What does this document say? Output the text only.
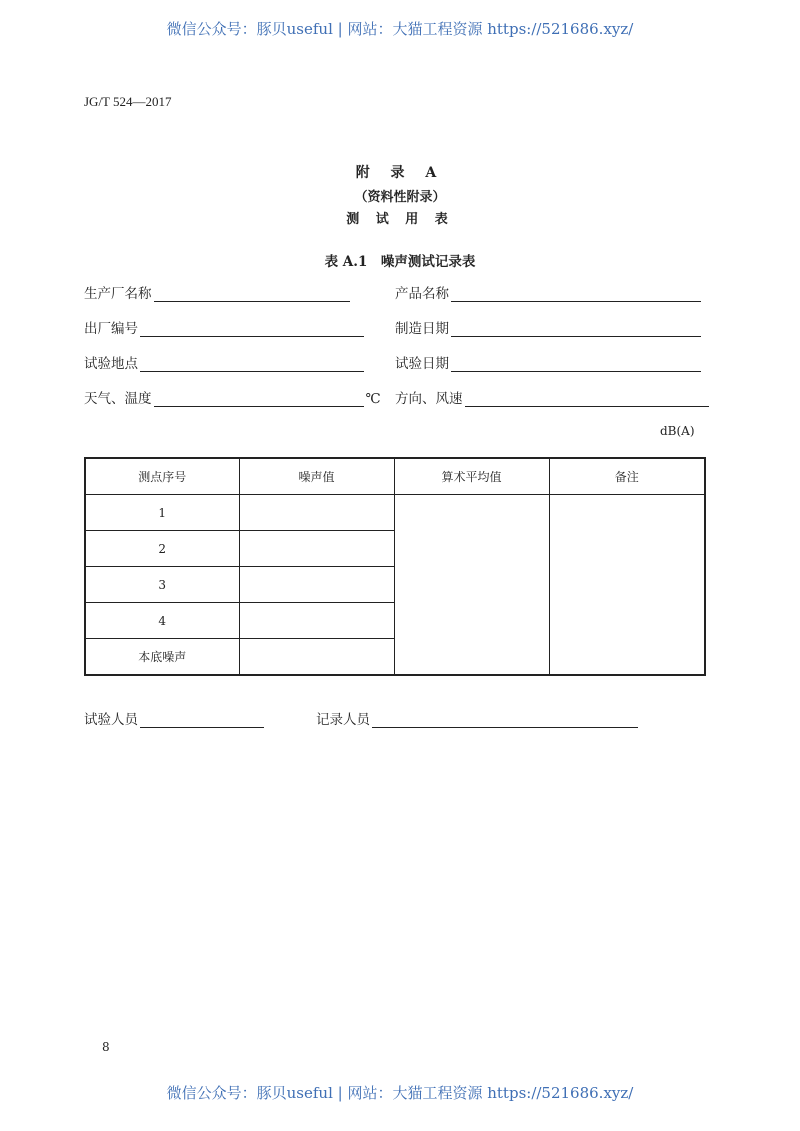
微信公众号：豚贝useful | 网站：大猫工程资源 https://521686.xyz/
JG/T 524—2017
附 录 A
（资料性附录）
测 试 用 表
表 A.1　噪声测试记录表
生产厂名称	产品名称
出厂编号	制造日期
试验地点	试验日期
天气、温度	℃ 方向、风速
dB(A)
测点序号	噪声值	算术平均值	备注
1			
2			
3			
4			
本底噪声			
试验人员	记录人员
8
微信公众号：豚贝useful | 网站：大猫工程资源 https://521686.xyz/
